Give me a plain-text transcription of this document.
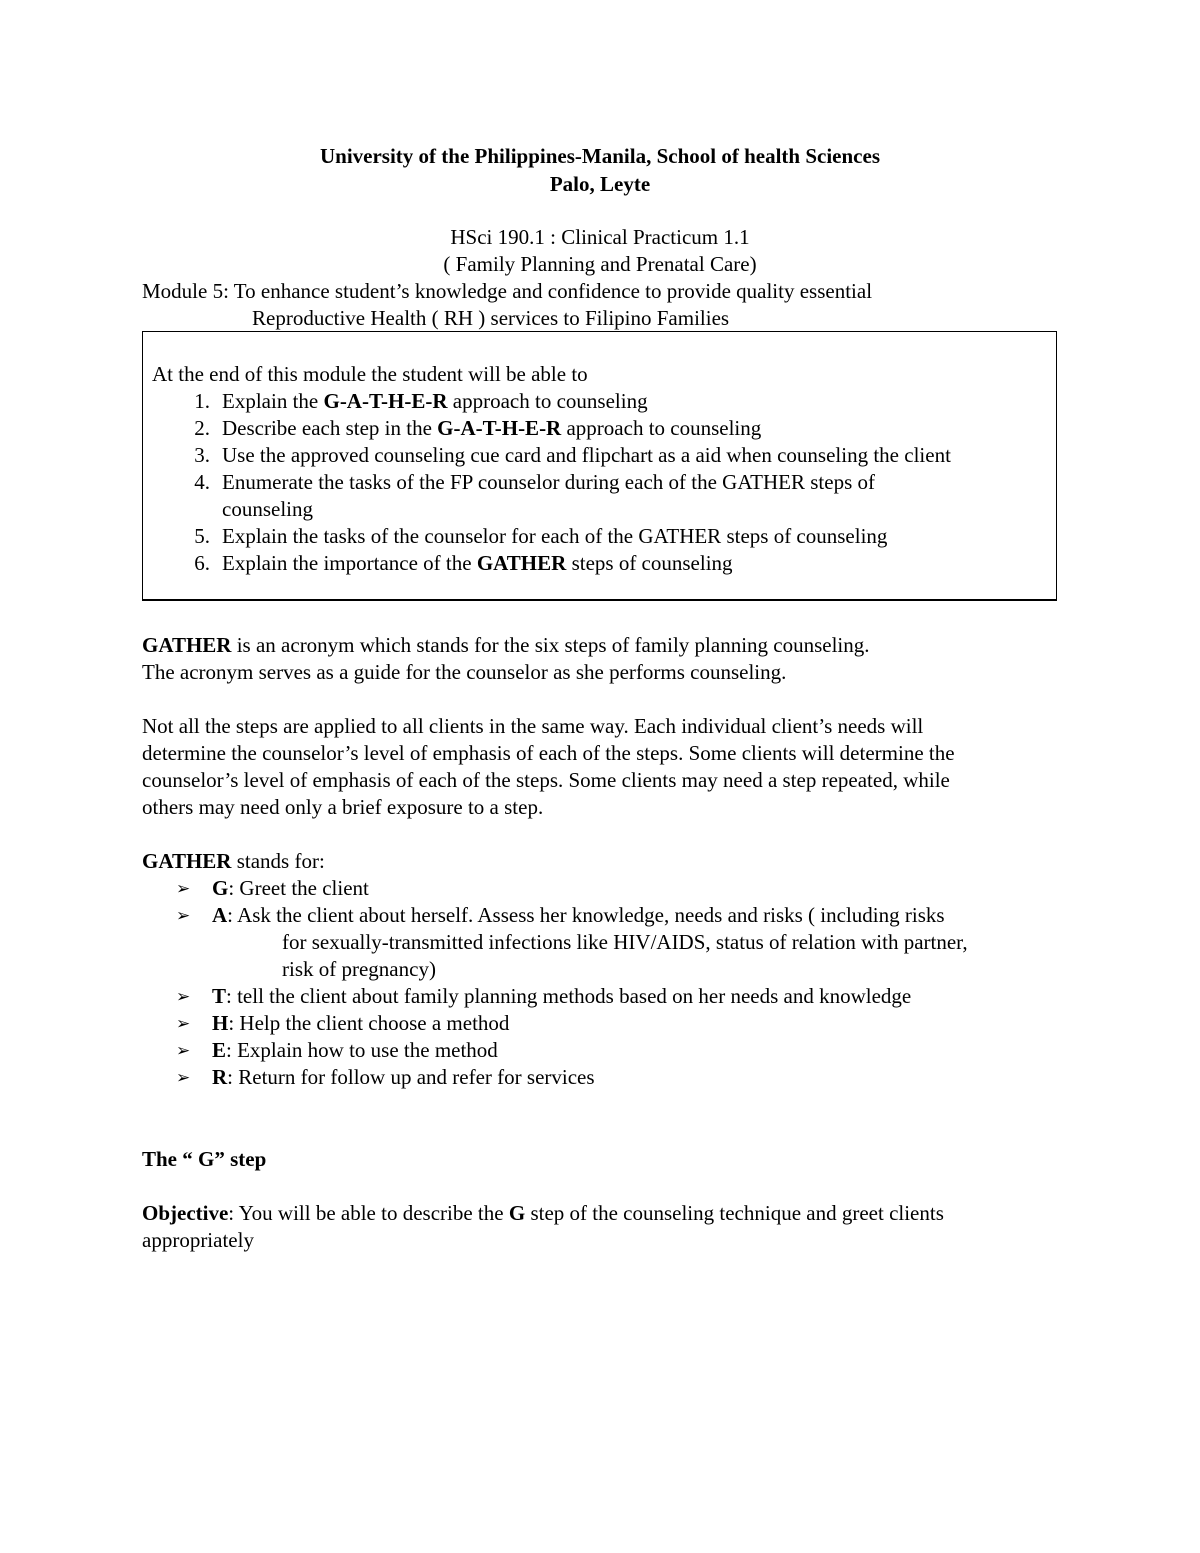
University of the Philippines-Manila, School of health Sciences
Palo, Leyte
HSci 190.1 : Clinical Practicum 1.1
( Family Planning and Prenatal Care)
Module 5: To enhance student’s knowledge and confidence to provide quality essential
Reproductive Health ( RH ) services to Filipino Families
At the end of this module the student will be able to
1. Explain the G-A-T-H-E-R approach to counseling
2. Describe each step in the G-A-T-H-E-R approach to counseling
3. Use the approved counseling cue card and flipchart as a aid when counseling the client
4. Enumerate the tasks of the FP counselor during each of the GATHER steps of
counseling
5. Explain the tasks of the counselor for each of the GATHER steps of counseling
6. Explain the importance of the GATHER steps of counseling
GATHER is an acronym which stands for the six steps of family planning counseling.
The acronym serves as a guide for the counselor as she performs counseling.
Not all the steps are applied to all clients in the same way. Each individual client’s needs will
determine the counselor’s level of emphasis of each of the steps. Some clients will determine the
counselor’s level of emphasis of each of the steps. Some clients may need a step repeated, while
others may need only a brief exposure to a step.
GATHER stands for:
➢ G: Greet the client
➢ A: Ask the client about herself. Assess her knowledge, needs and risks ( including risks
for sexually-transmitted infections like HIV/AIDS, status of relation with partner,
risk of pregnancy)
➢ T: tell the client about family planning methods based on her needs and knowledge
➢ H: Help the client choose a method
➢ E: Explain how to use the method
➢ R: Return for follow up and refer for services
The “ G” step
Objective: You will be able to describe the G step of the counseling technique and greet clients
appropriately
